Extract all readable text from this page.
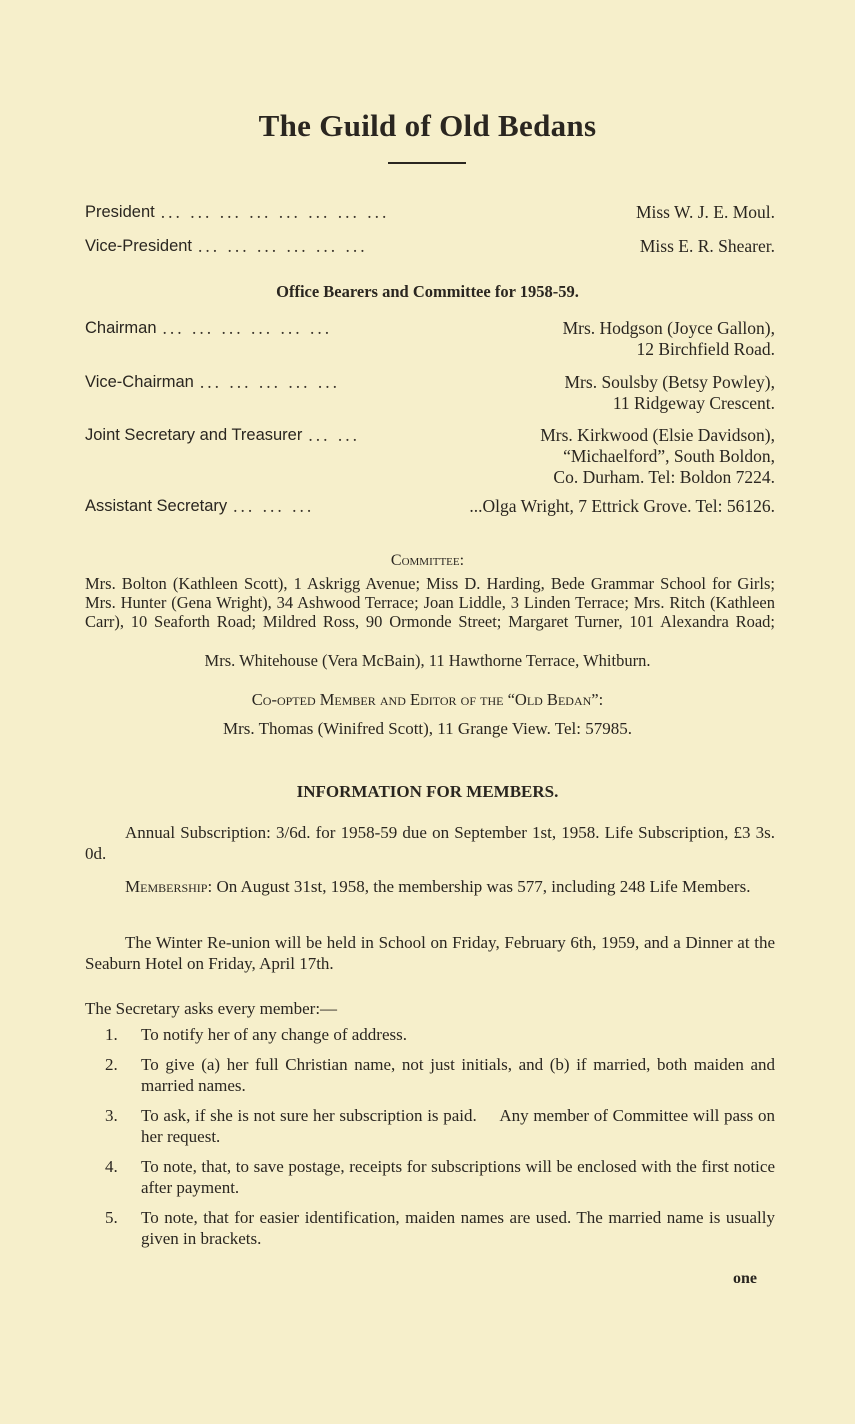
The Guild of Old Bedans
President ... ... ... ... ... ... ... ...	Miss W. J. E. Moul.
Vice-President ... ... ... ... ... ...	Miss E. R. Shearer.
Office Bearers and Committee for 1958-59.
Chairman ... ... ... ... ... ...	Mrs. Hodgson (Joyce Gallon),
12 Birchfield Road.
Vice-Chairman ... ... ... ... ...	Mrs. Soulsby (Betsy Powley),
11 Ridgeway Crescent.
Joint Secretary and Treasurer ... ...	Mrs. Kirkwood (Elsie Davidson),
“Michaelford”, South Boldon,
Co. Durham. Tel: Boldon 7224.
Assistant Secretary ... ... ...	...Olga Wright, 7 Ettrick Grove. Tel: 56126.
Committee:
Mrs. Bolton (Kathleen Scott), 1 Askrigg Avenue; Miss D. Harding, Bede Grammar School for Girls; Mrs. Hunter (Gena Wright), 34 Ashwood Terrace; Joan Liddle, 3 Linden Terrace; Mrs. Ritch (Kathleen Carr), 10 Seaforth Road; Mildred Ross, 90 Ormonde Street; Margaret Turner, 101 Alexandra Road;
Mrs. Whitehouse (Vera McBain), 11 Hawthorne Terrace, Whitburn.
Co-opted Member and Editor of the “Old Bedan”:
Mrs. Thomas (Winifred Scott), 11 Grange View. Tel: 57985.
INFORMATION FOR MEMBERS.
Annual Subscription: 3/6d. for 1958-59 due on September 1st, 1958. Life Subscription, £3 3s. 0d.
Membership: On August 31st, 1958, the membership was 577, including 248 Life Members.
The Winter Re-union will be held in School on Friday, February 6th, 1959, and a Dinner at the Seaburn Hotel on Friday, April 17th.
The Secretary asks every member:—
1.	To notify her of any change of address.
2.	To give (a) her full Christian name, not just initials, and (b) if married, both maiden and married names.
3.	To ask, if she is not sure her subscription is paid.     Any member of Committee will pass on her request.
4.	To note, that, to save postage, receipts for subscriptions will be enclosed with the first notice after payment.
5.	To note, that for easier identification, maiden names are used. The married name is usually given in brackets.
one
